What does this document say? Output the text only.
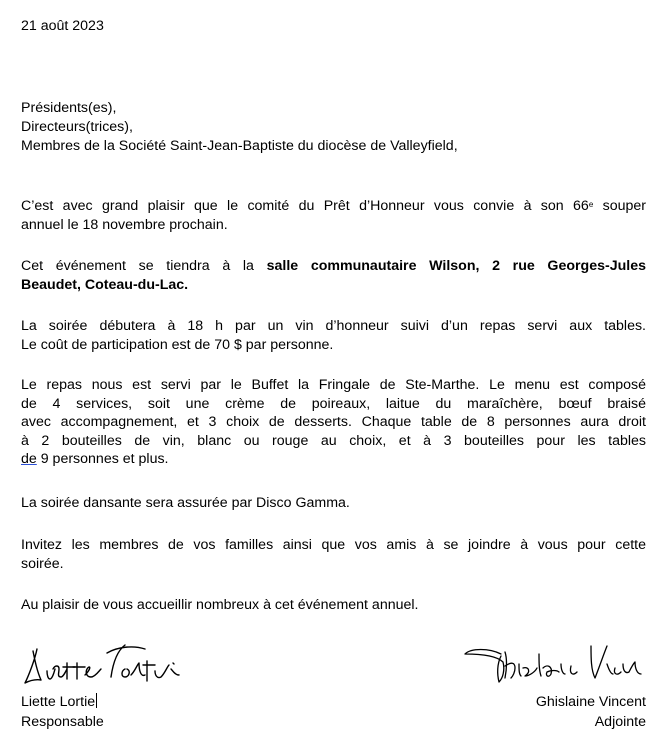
21 août 2023
Présidents(es),
Directeurs(trices),
Membres de la Société Saint-Jean-Baptiste du diocèse de Valleyfield,
C’est avec grand plaisir que le comité du Prêt d’Honneur vous convie à son 66e souper
annuel le 18 novembre prochain.
Cet événement se tiendra à la salle communautaire Wilson, 2 rue Georges-Jules
Beaudet, Coteau-du-Lac.
La soirée débutera à 18 h par un vin d’honneur suivi d’un repas servi aux tables.
Le coût de participation est de 70 $ par personne.
Le repas nous est servi par le Buffet la Fringale de Ste-Marthe. Le menu est composé
de 4 services, soit une crème de poireaux, laitue du maraîchère, bœuf braisé
avec accompagnement, et 3 choix de desserts. Chaque table de 8 personnes aura droit
à 2 bouteilles de vin, blanc ou rouge au choix, et à 3 bouteilles pour les tables
de 9 personnes et plus.
La soirée dansante sera assurée par Disco Gamma.
Invitez les membres de vos familles ainsi que vos amis à se joindre à vous pour cette
soirée.
Au plaisir de vous accueillir nombreux à cet événement annuel.
Liette Lortie
Responsable
Ghislaine Vincent
Adjointe
